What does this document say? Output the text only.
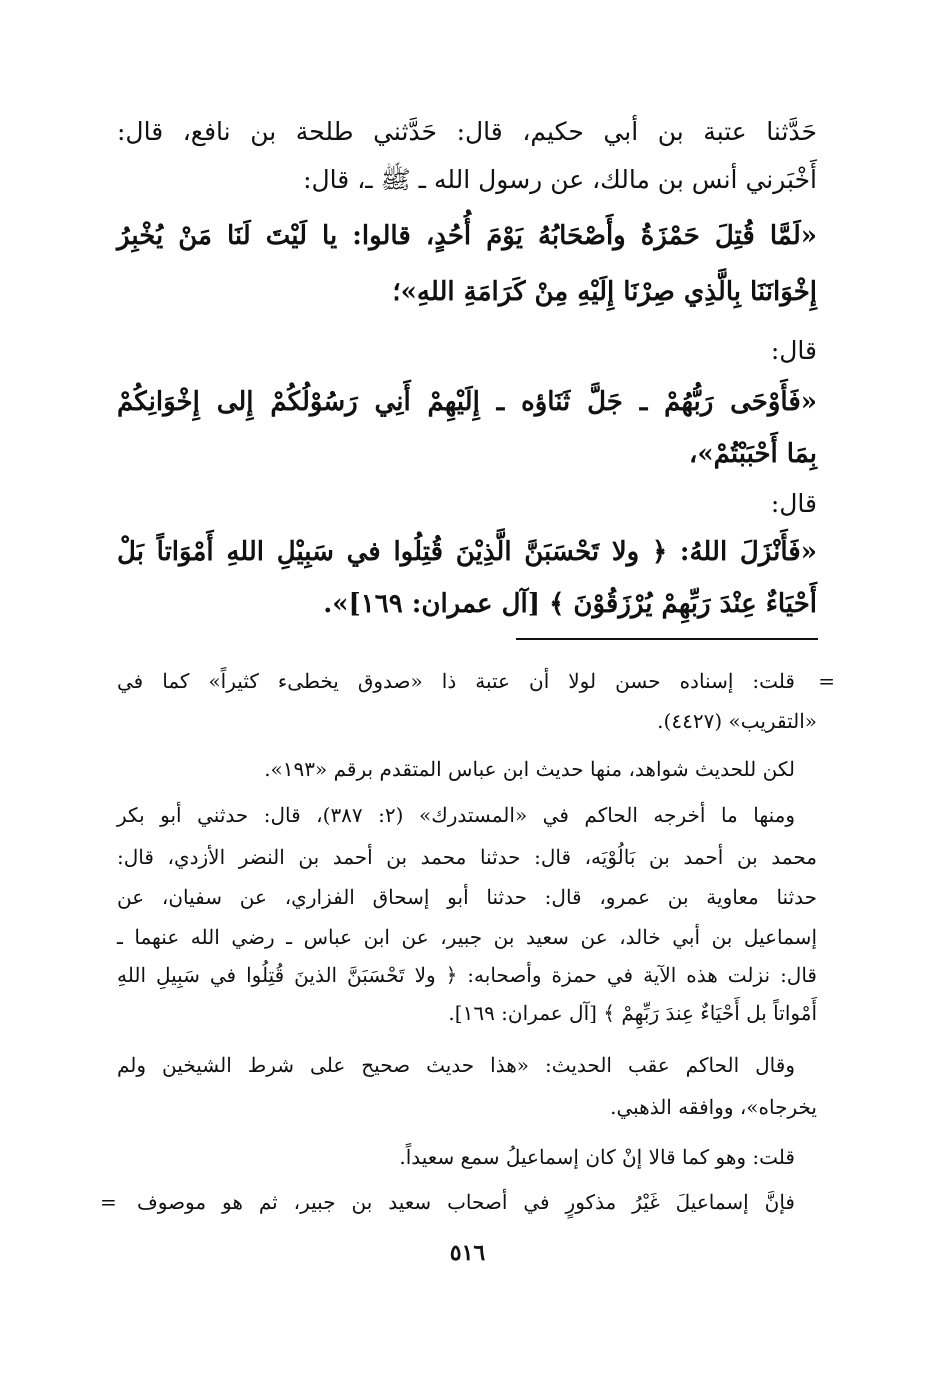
حَدَّثنا عتبة بن أبي حكيم، قال: حَدَّثني طلحة بن نافع، قال:
أَخْبَرني أنس بن مالك، عن رسول الله ـ ﷺ ـ، قال:
«لَمَّا قُتِلَ حَمْزَةُ وأَصْحَابُهُ يَوْمَ أُحُدٍ، قالوا: يا لَيْتَ لَنَا مَنْ يُخْبِرُ
إِخْوَانَنَا بِالَّذِي صِرْنَا إِلَيْهِ مِنْ كَرَامَةِ اللهِ»؛
قال:
«فَأَوْحَى رَبُّهُمْ ـ جَلَّ ثَنَاؤه ـ إِلَيْهِمْ أَنِي رَسُوْلُكُمْ إِلى إِخْوَانِكُمْ
بِمَا أَحْبَبْتُمْ»،
قال:
«فَأَنْزَلَ اللهُ: ﴿ ولا تَحْسَبَنَّ الَّذِيْنَ قُتِلُوا في سَبِيْلِ اللهِ أَمْوَاتاً بَلْ
أَحْيَاءٌ عِنْدَ رَبِّهِمْ يُرْزَقُوْنَ ﴾ [آل عمران: ١٦٩]».
=
قلت: إسناده حسن لولا أن عتبة ذا «صدوق يخطىء كثيراً» كما في
«التقريب» (٤٤٢٧).
لكن للحديث شواهد، منها حديث ابن عباس المتقدم برقم «١٩٣».
ومنها ما أخرجه الحاكم في «المستدرك» (٢: ٣٨٧)، قال: حدثني أبو بكر
محمد بن أحمد بن بَالُوْيَه، قال: حدثنا محمد بن أحمد بن النضر الأزدي، قال:
حدثنا معاوية بن عمرو، قال: حدثنا أبو إسحاق الفزاري، عن سفيان، عن
إسماعيل بن أبي خالد، عن سعيد بن جبير، عن ابن عباس ـ رضي الله عنهما ـ
قال: نزلت هذه الآية في حمزة وأصحابه: ﴿ ولا تَحْسَبَنَّ الذينَ قُتِلُوا في سَبِيلِ اللهِ
أَمْواتاً بل أَحْيَاءٌ عِندَ رَبِّهِمْ ﴾ [آل عمران: ١٦٩].
وقال الحاكم عقب الحديث: «هذا حديث صحيح على شرط الشيخين ولم
يخرجاه»، ووافقه الذهبي.
قلت: وهو كما قالا إنْ كان إسماعيلُ سمع سعيداً.
فإنَّ إسماعيلَ غَيْرُ مذكورٍ في أصحاب سعيد بن جبير، ثم هو موصوف
=
٥١٦
